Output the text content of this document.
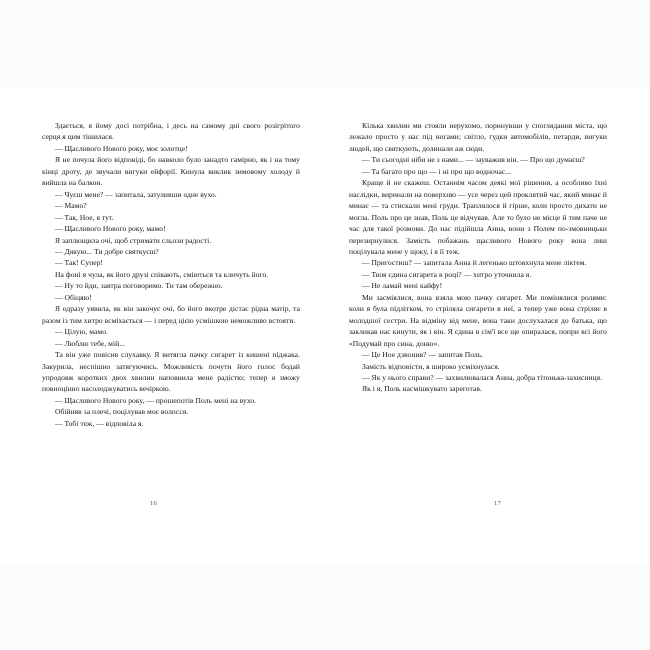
Здається, я йому досі потрібна, і десь на самому дні свого розігрітого серця я цим тішилася.

— Щасливого Нового року, моє золотце!

Я не почула його відповіді, бо навколо було занадто гамірно, як і на тому кінці дроту, де звучали вигуки ейфорії. Кинула виклик зимовому холоду й вийшла на балкон.

— Чуєш мене? — запитала, затуливши одне вухо.

— Мамо?

— Так, Ное, я тут.

— Щасливого Нового року, мамо!

Я заплющила очі, щоб стримати сльози радості.

— Дякую... Ти добре святкуєш?

— Так! Супер!

На фоні я чула, як його друзі співають, сміються та кличуть його.

— Ну то йди, завтра поговоримо. Ти там обережно.

— Обіцяю!

Я одразу уявила, як він закочує очі, бо його вкотре дістає рідна матір, та разом із тим хитро всміхається — і перед цією усмішкою неможливо встояти.

— Цілую, мамо.

— Люблю тебе, мій...

Та він уже повісив слухавку. Я витягла пачку сигарет із кишені піджака. Закурила, неспішно затягуючись. Можливість почути його голос бодай упродовж коротких двох хвилин наповнила мене радістю; тепер я зможу повноцінно насолоджуватись вечіркою.

— Щасливого Нового року, — прошепотів Поль мені на вухо.

Обійняв за плечі, поцілував моє волосся.

— Тобі теж, — відповіла я.

16

Кілька хвилин ми стояли нерухомо, поринувши у споглядання міста, що лежало просто у нас під ногами; світло, гудки автомобілів, петарди, вигуки людей, що святкують, долинали аж сюди.

— Ти сьогодні ніби не з нами... — зауважив він. — Про що думаєш?

— Та багато про що — і ні про що водночас...

Краще й не скажеш. Останнім часом деякі мої рішення, а особливо їхні наслідки, виринали на поверхню — усе через цей проклятий час, який минає й минає — та стискали мені груди. Траплялося й гірше, коли просто дихати не могла. Поль про це знав, Поль це відчував. Але то було не місце й тим паче не час для такої розмови. До нас підійшла Анна, вони з Полем по-змовницьки перезирнулися. Замість побажань щасливого Нового року вона лиш поцілувала мене у щоку, і я її теж.

— Пригостиш? — запитала Анна й легенько штовхнула мене ліктем.

— Твоя єдина сигарета в році? — хитро уточнила я.

— Не ламай мені кайфу!

Ми засміялися, вона взяла мою пачку сигарет. Ми помінялися ролями: коли я була підлітком, то стріляла сигарети в неї, а тепер уже вона стріляє в молодшої сестри. На відміну від мене, вона таки дослухалася до батька, що закликав нас кинути, як і він. Я єдина в сім'ї все ще опиралася, попри всі його «Подумай про сина, доню».

— Це Ное дзвонив? — запитав Поль.

Замість відповісти, я широко усміхнулася.

— Як у нього справи? — захвилювалася Анна, добра тітонька-захисниця.

Як і я, Поль насмішкувато зареготав.

17
